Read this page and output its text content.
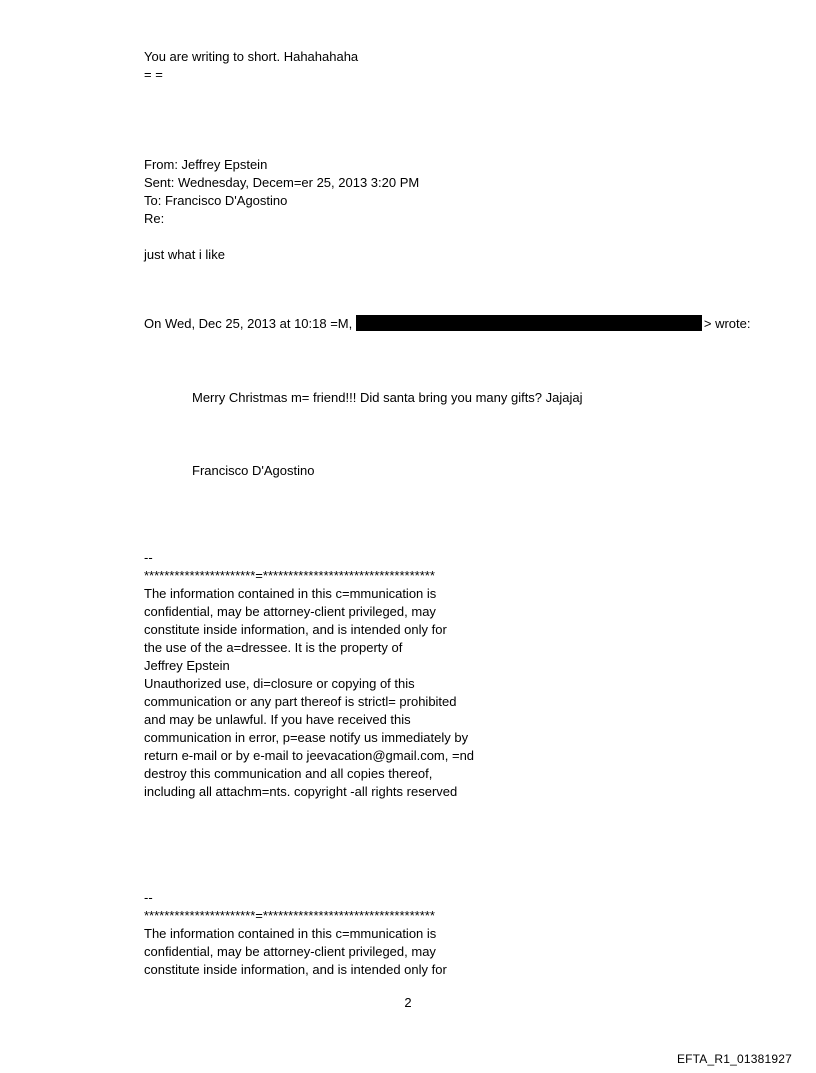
You are writing to short. Hahahahaha
= =
From: Jeffrey Epstein
Sent: Wednesday, Decem=er 25, 2013 3:20 PM
To: Francisco D'Agostino
Re:
just what i like
On Wed, Dec 25, 2013 at 10:18 =M,	> wrote:
Merry Christmas m= friend!!! Did santa bring you many gifts? Jajajaj
Francisco D'Agostino
--
**********************=**********************************
The information contained in this c=mmunication is
confidential, may be attorney-client privileged, may
constitute inside information, and is intended only for
the use of the a=dressee. It is the property of
Jeffrey Epstein
Unauthorized use, di=closure or copying of this
communication or any part thereof is strictl= prohibited
and may be unlawful. If you have received this
communication in error, p=ease notify us immediately by
return e-mail or by e-mail to jeevacation@gmail.com, =nd
destroy this communication and all copies thereof,
including all attachm=nts. copyright -all rights reserved
--
**********************=**********************************
The information contained in this c=mmunication is
confidential, may be attorney-client privileged, may
constitute inside information, and is intended only for
2
EFTA_R1_01381927
